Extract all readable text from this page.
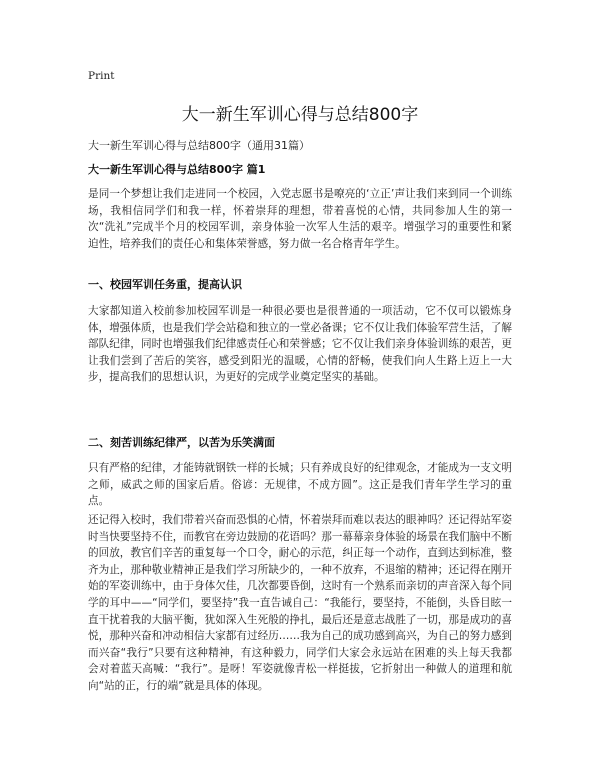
Print
大一新生军训心得与总结800字
大一新生军训心得与总结800字（通用31篇）
大一新生军训心得与总结800字 篇1

是同一个梦想让我们走进同一个校园，入党志愿书是嘹亮的‘立正’声让我们来到同一个训练场，我相信同学们和我一样，怀着崇拜的理想，带着喜悦的心情，共同参加人生的第一次“洗礼”完成半个月的校园军训，亲身体验一次军人生活的艰辛。增强学习的重要性和紧迫性，培养我们的责任心和集体荣誉感，努力做一名合格青年学生。

一、校园军训任务重，提高认识

大家都知道入校前参加校园军训是一种很必要也是很普通的一项活动，它不仅可以锻炼身体，增强体质，也是我们学会站稳和独立的一堂必备课；它不仅让我们体验军营生活，了解部队纪律，同时也增强我们纪律感责任心和荣誉感；它不仅让我们亲身体验训练的艰苦，更让我们尝到了苦后的笑容，感受到阳光的温暖，心情的舒畅，使我们向人生路上迈上一大步，提高我们的思想认识，为更好的完成学业奠定坚实的基础。

二、刻苦训练纪律严，以苦为乐笑满面

只有严格的纪律，才能铸就钢铁一样的长城；只有养成良好的纪律观念，才能成为一支文明之师，威武之师的国家后盾。俗谚：无规律，不成方圆”。这正是我们青年学生学习的重点。

还记得入校时，我们带着兴奋而恐惧的心情，怀着崇拜而难以表达的眼神吗？还记得站军姿时当快要坚持不住，而教官在旁边鼓励的花语吗？那一幕幕亲身体验的场景在我们脑中不断的回放，教官们辛苦的重复每一个口令，耐心的示范，纠正每一个动作，直到达到标准，整齐为止，那种敬业精神正是我们学习所缺少的，一种不放弃，不退缩的精神；还记得在刚开始的军姿训练中，由于身体欠佳，几次都要昏倒，这时有一个熟系而亲切的声音深入每个同学的耳中——“同学们，要坚持”我一直告诫自己：“我能行，要坚持，不能倒，头昏目眩一直干扰着我的大脑平衡，犹如深入生死般的挣扎，最后还是意志战胜了一切，那是成功的喜悦，那种兴奋和冲动相信大家都有过经历……我为自己的成功感到高兴，为自己的努力感到而兴奋“我行”只要有这种精神，有这种毅力，同学们大家会永远站在困难的头上每天我都会对着蓝天高喊：“我行”。是呀！军姿就像青松一样挺拔，它折射出一种做人的道理和航向“站的正，行的端”就是具体的体现。
